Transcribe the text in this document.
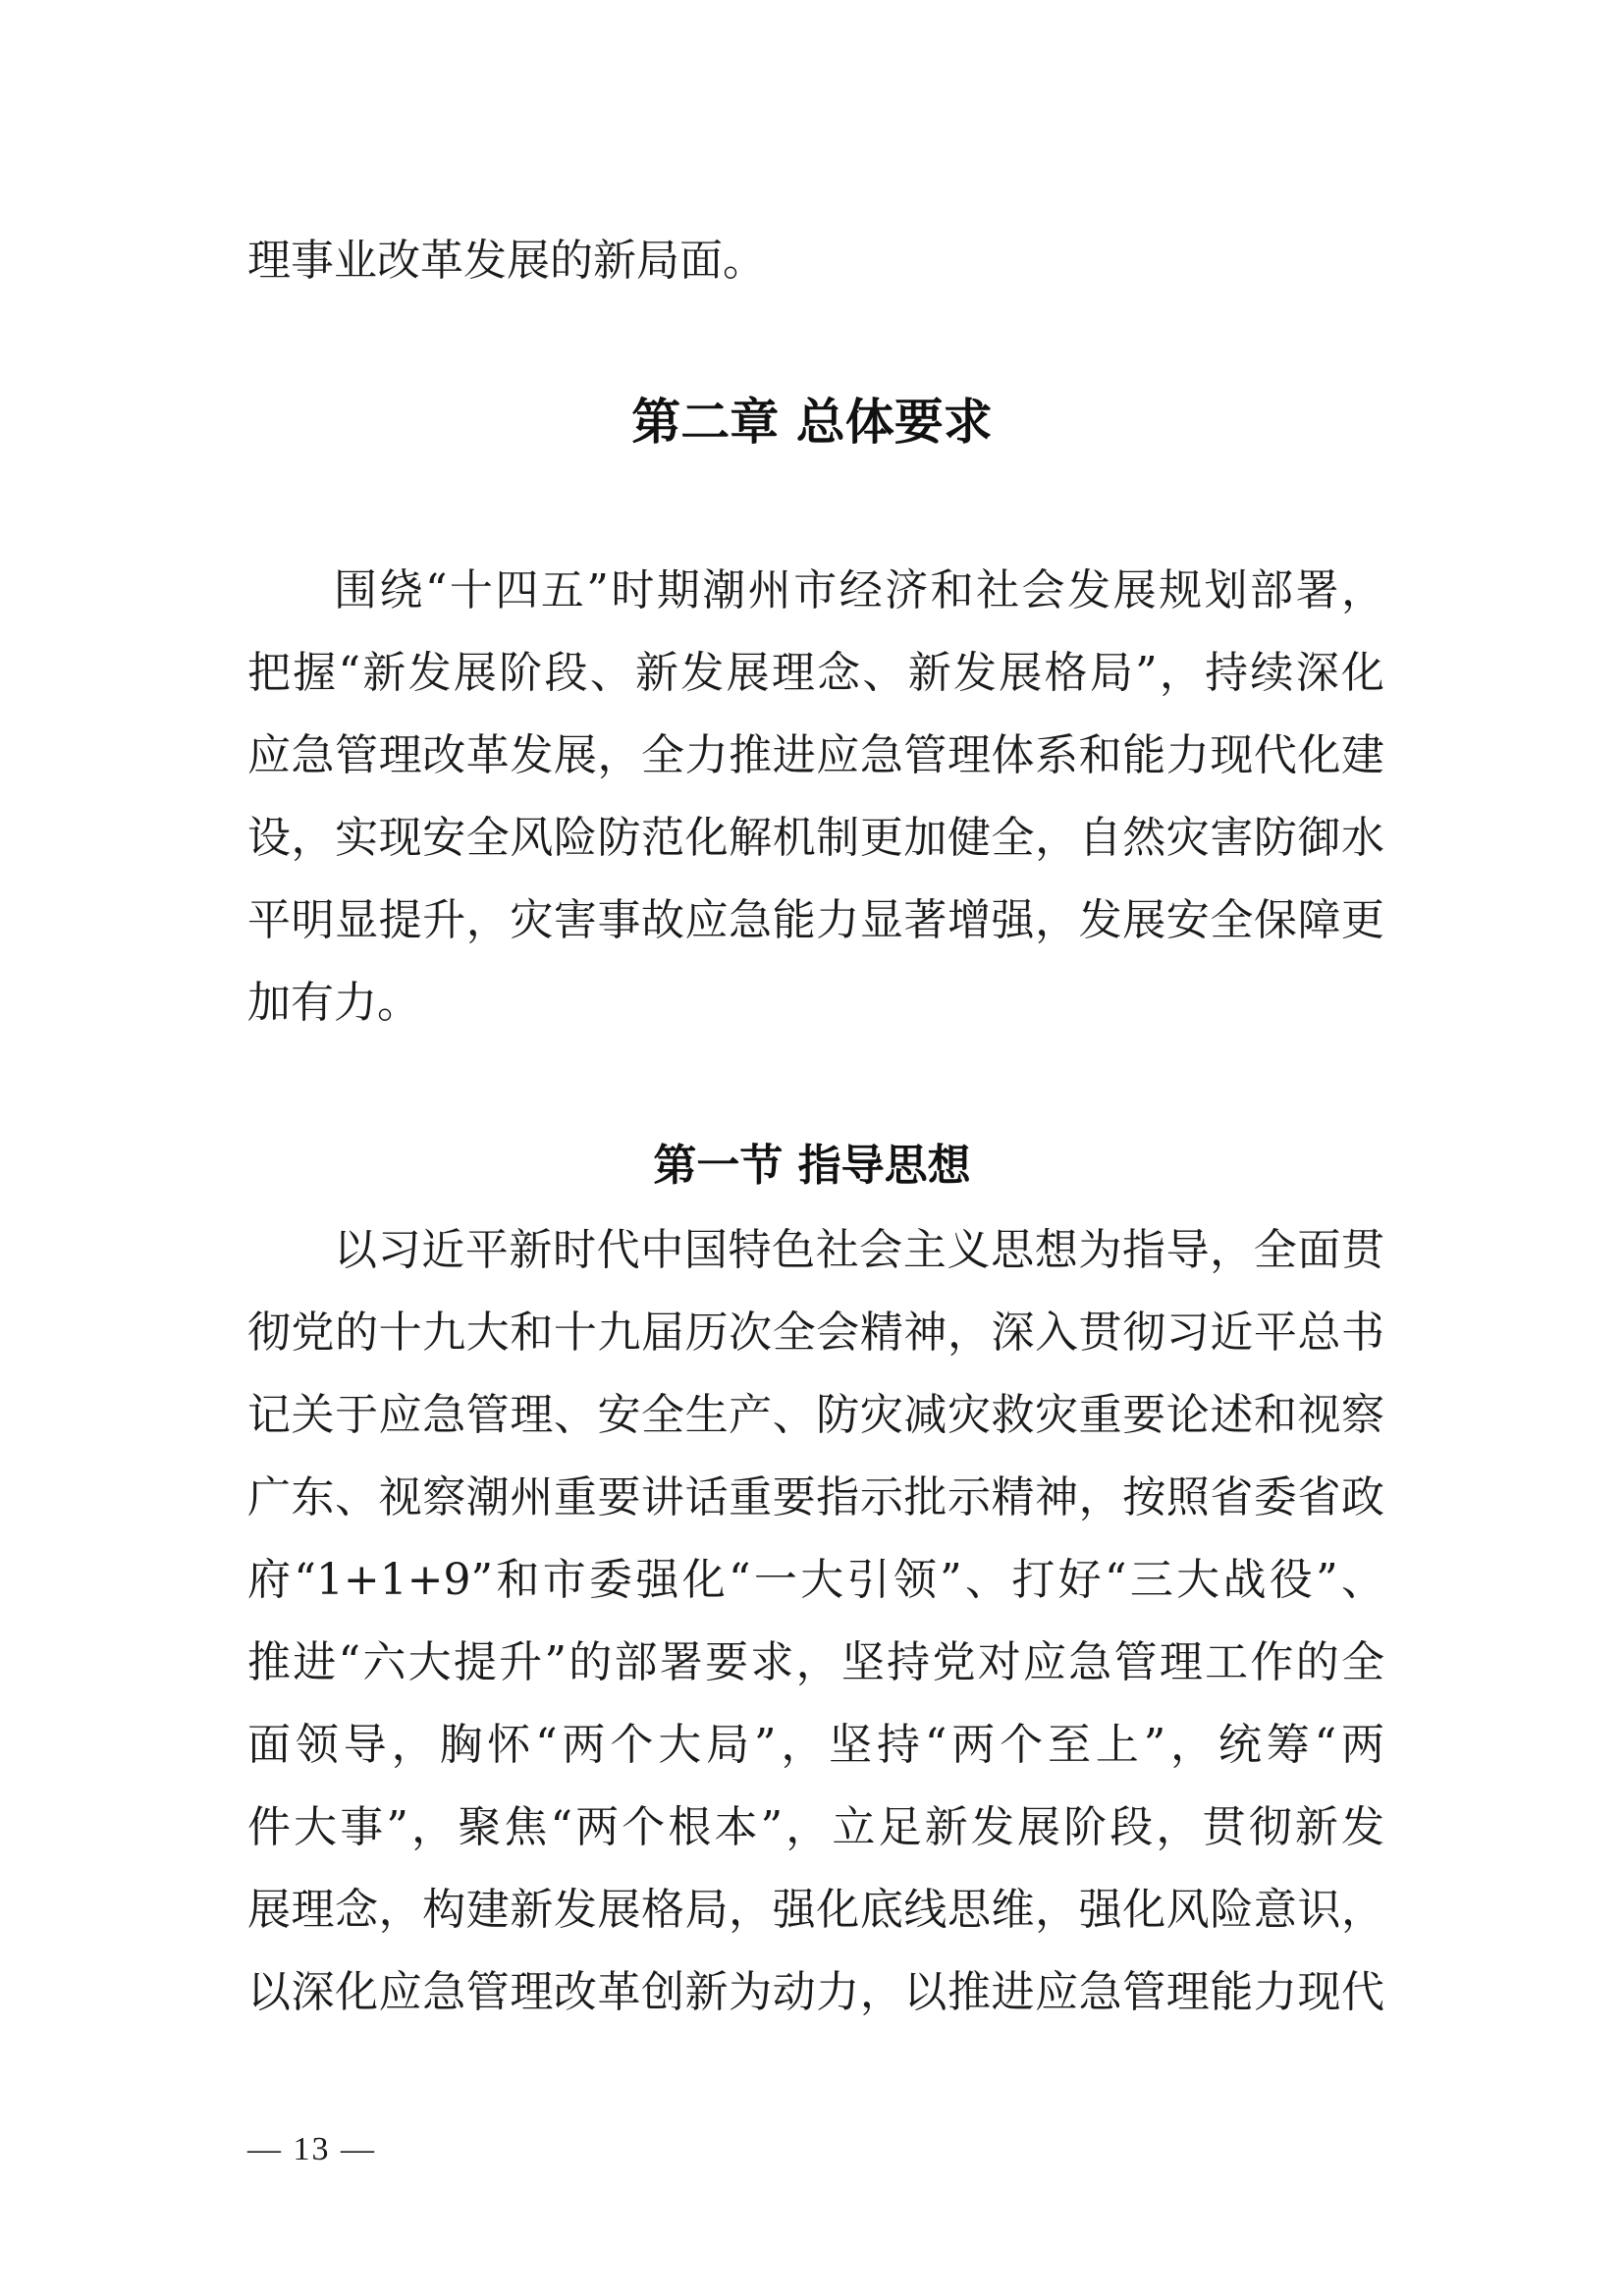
理事业改革发展的新局面。
第二章 总体要求
围绕“十四五”时期潮州市经济和社会发展规划部署，
把握“新发展阶段、新发展理念、新发展格局”，持续深化
应急管理改革发展，全力推进应急管理体系和能力现代化建
设，实现安全风险防范化解机制更加健全，自然灾害防御水
平明显提升，灾害事故应急能力显著增强，发展安全保障更
加有力。
第一节 指导思想
以习近平新时代中国特色社会主义思想为指导，全面贯
彻党的十九大和十九届历次全会精神，深入贯彻习近平总书
记关于应急管理、安全生产、防灾减灾救灾重要论述和视察
广东、视察潮州重要讲话重要指示批示精神，按照省委省政
府“1+1+9”和市委强化“一大引领”、打好“三大战役”、
推进“六大提升”的部署要求，坚持党对应急管理工作的全
面领导，胸怀“两个大局”，坚持“两个至上”，统筹“两
件大事”，聚焦“两个根本”，立足新发展阶段，贯彻新发
展理念，构建新发展格局，强化底线思维，强化风险意识，
以深化应急管理改革创新为动力，以推进应急管理能力现代
— 13 —
